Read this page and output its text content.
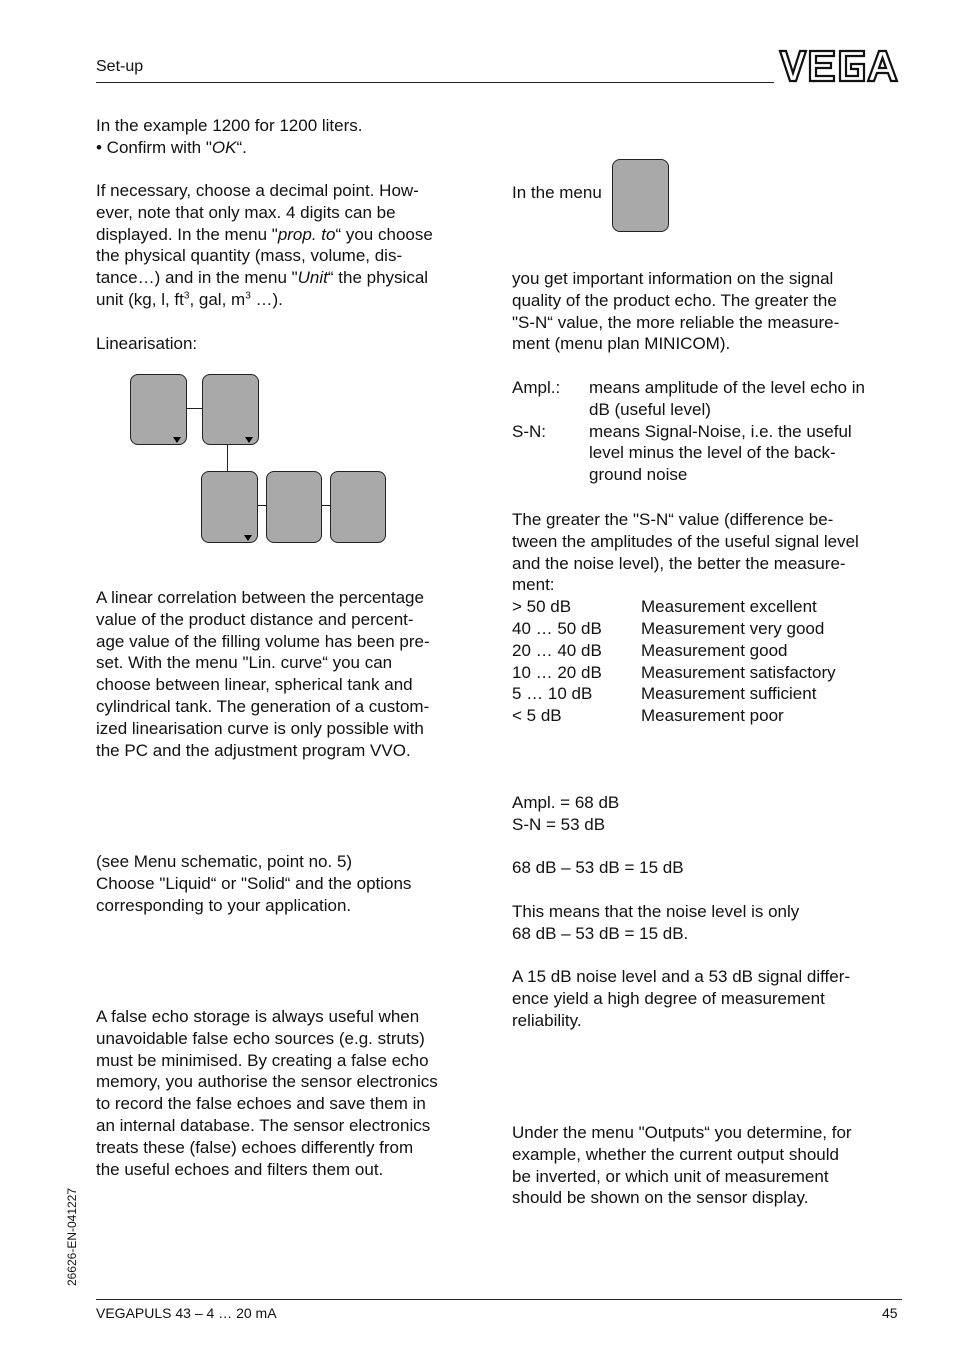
Set-up
In the example 1200 for 1200 liters.
• Confirm with "OK“.
If necessary, choose a decimal point. How-
ever, note that only max. 4 digits can be
displayed. In the menu "prop. to“ you choose
the physical quantity (mass, volume, dis-
tance…) and in the menu "Unit“ the physical
unit (kg, l, $ft^3$, gal, $m^3$ …).
Linearisation:
A linear correlation between the percentage
value of the product distance and percent-
age value of the filling volume has been pre-
set. With the menu "Lin. curve“ you can
choose between linear, spherical tank and
cylindrical tank. The generation of a custom-
ized linearisation curve is only possible with
the PC and the adjustment program VVO.
(see Menu schematic, point no. 5)
Choose "Liquid“ or "Solid“ and the options
corresponding to your application.
A false echo storage is always useful when
unavoidable false echo sources (e.g. struts)
must be minimised. By creating a false echo
memory, you authorise the sensor electronics
to record the false echoes and save them in
an internal database. The sensor electronics
treats these (false) echoes differently from
the useful echoes and filters them out.
In the menu
you get important information on the signal
quality of the product echo. The greater the
"S-N“ value, the more reliable the measure-
ment (menu plan MINICOM).
Ampl.:	means amplitude of the level echo in
dB (useful level)
S-N:	means Signal-Noise, i.e. the useful
level minus the level of the back-
ground noise
The greater the "S-N“ value (difference be-
tween the amplitudes of the useful signal level
and the noise level), the better the measure-
ment:
> 50 dB	Measurement excellent
40 … 50 dB	Measurement very good
20 … 40 dB	Measurement good
10 … 20 dB	Measurement satisfactory
5 … 10 dB	Measurement sufficient
< 5 dB	Measurement poor
Ampl. = 68 dB
S-N = 53 dB
68 dB – 53 dB = 15 dB
This means that the noise level is only
68 dB – 53 dB = 15 dB.
A 15 dB noise level and a 53 dB signal differ-
ence yield a high degree of measurement
reliability.
Under the menu "Outputs“ you determine, for
example, whether the current output should
be inverted, or which unit of measurement
should be shown on the sensor display.
26626-EN-041227
VEGAPULS 43 – 4 … 20 mA	45
